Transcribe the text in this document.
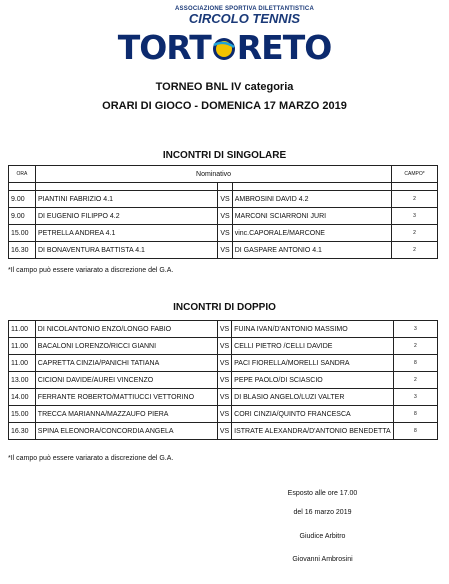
ASSOCIAZIONE SPORTIVA DILETTANTISTICA
CIRCOLO TENNIS
TORT RETO
TORNEO BNL IV categoria
ORARI DI GIOCO - DOMENICA 17 MARZO 2019
INCONTRI DI SINGOLARE
ORA	Nominativo			CAMPO*

9.00	PIANTINI FABRIZIO 4.1	VS	AMBROSINI DAVID 4.2	2
9.00	DI EUGENIO FILIPPO 4.2	VS	MARCONI SCIARRONI JURI	3
15.00	PETRELLA ANDREA 4.1	VS	vinc.CAPORALE/MARCONE	2
16.30	DI BONAVENTURA BATTISTA 4.1	VS	DI GASPARE ANTONIO 4.1	2
*Il campo può essere variarato a discrezione del G.A.
INCONTRI DI DOPPIO
11.00	DI NICOLANTONIO ENZO/LONGO FABIO	VS	FUINA IVAN/D'ANTONIO MASSIMO	3
11.00	BACALONI LORENZO/RICCI GIANNI	VS	CELLI PIETRO /CELLI DAVIDE	2
11.00	CAPRETTA CINZIA/PANICHI TATIANA	VS	PACI FIORELLA/MORELLI SANDRA	8
13.00	CICIONI DAVIDE/AUREI VINCENZO	VS	PEPE PAOLO/DI SCIASCIO	2
14.00	FERRANTE ROBERTO/MATTIUCCI VETTORINO	VS	DI BLASIO ANGELO/LUZI VALTER	3
15.00	TRECCA MARIANNA/MAZZAUFO PIERA	VS	CORI CINZIA/QUINTO FRANCESCA	8
16.30	SPINA ELEONORA/CONCORDIA ANGELA	VS	ISTRATE ALEXANDRA/D'ANTONIO BENEDETTA	8
*Il campo può essere variarato a discrezione del G.A.
Esposto alle ore 17.00
del 16 marzo 2019
Giudice Arbitro
Giovanni Ambrosini
